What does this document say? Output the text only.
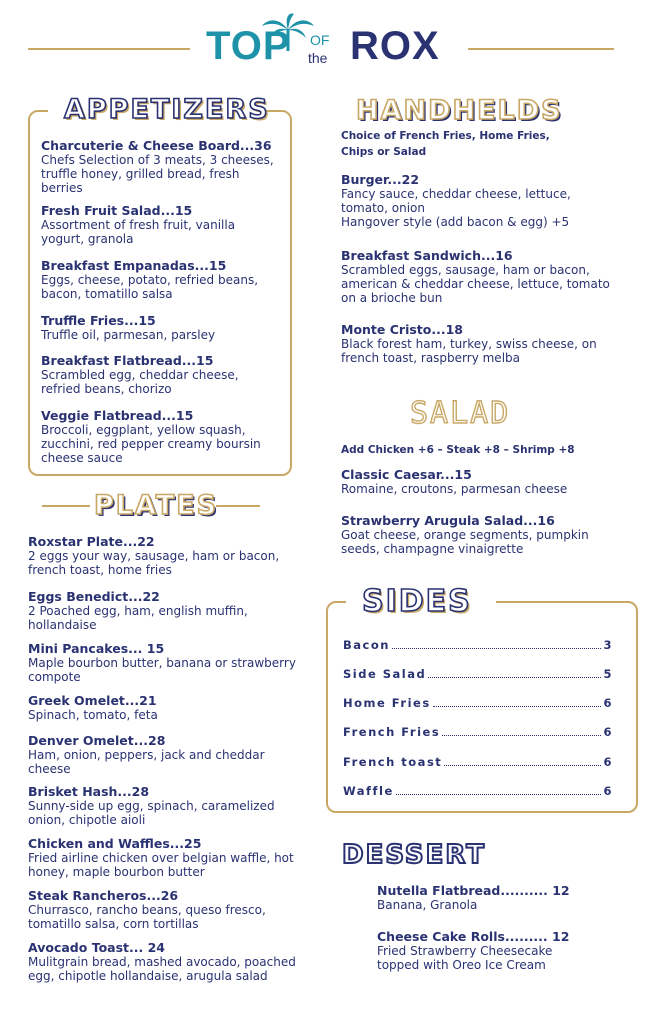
TOP OF
the ROX
APPETIZERS
Charcuterie & Cheese Board...36
Chefs Selection of 3 meats, 3 cheeses, truffle honey, grilled bread, fresh berries
Fresh Fruit Salad...15
Assortment of fresh fruit, vanilla yogurt, granola
Breakfast Empanadas...15
Eggs, cheese, potato, refried beans, bacon, tomatillo salsa
Truffle Fries...15
Truffle oil, parmesan, parsley
Breakfast Flatbread...15
Scrambled egg, cheddar cheese, refried beans, chorizo
Veggie Flatbread...15
Broccoli, eggplant, yellow squash, zucchini, red pepper creamy boursin cheese sauce
PLATES
Roxstar Plate...22
2 eggs your way, sausage, ham or bacon, french toast, home fries
Eggs Benedict...22
2 Poached egg, ham, english muffin, hollandaise
Mini Pancakes... 15
Maple bourbon butter, banana or strawberry compote
Greek Omelet...21
Spinach, tomato, feta
Denver Omelet...28
Ham, onion, peppers, jack and cheddar cheese
Brisket Hash...28
Sunny-side up egg, spinach, caramelized onion, chipotle aioli
Chicken and Waffles...25
Fried airline chicken over belgian waffle, hot honey, maple bourbon butter
Steak Rancheros...26
Churrasco, rancho beans, queso fresco, tomatillo salsa, corn tortillas
Avocado Toast... 24
Mulitgrain bread, mashed avocado, poached egg, chipotle hollandaise, arugula salad
HANDHELDS
Choice of French Fries, Home Fries, Chips or Salad
Burger...22
Fancy sauce, cheddar cheese, lettuce, tomato, onion
Hangover style (add bacon & egg) +5
Breakfast Sandwich...16
Scrambled eggs, sausage, ham or bacon, american & cheddar cheese, lettuce, tomato on a brioche bun
Monte Cristo...18
Black forest ham, turkey, swiss cheese, on french toast, raspberry melba
SALAD
Add Chicken +6 – Steak +8 – Shrimp +8
Classic Caesar...15
Romaine, croutons, parmesan cheese
Strawberry Arugula Salad...16
Goat cheese, orange segments, pumpkin seeds, champagne vinaigrette
SIDES
Bacon	3
Side Salad	5
Home Fries	6
French Fries	6
French toast	6
Waffle	6
DESSERT
Nutella Flatbread.......... 12
Banana, Granola
Cheese Cake Rolls......... 12
Fried Strawberry Cheesecake topped with Oreo Ice Cream
